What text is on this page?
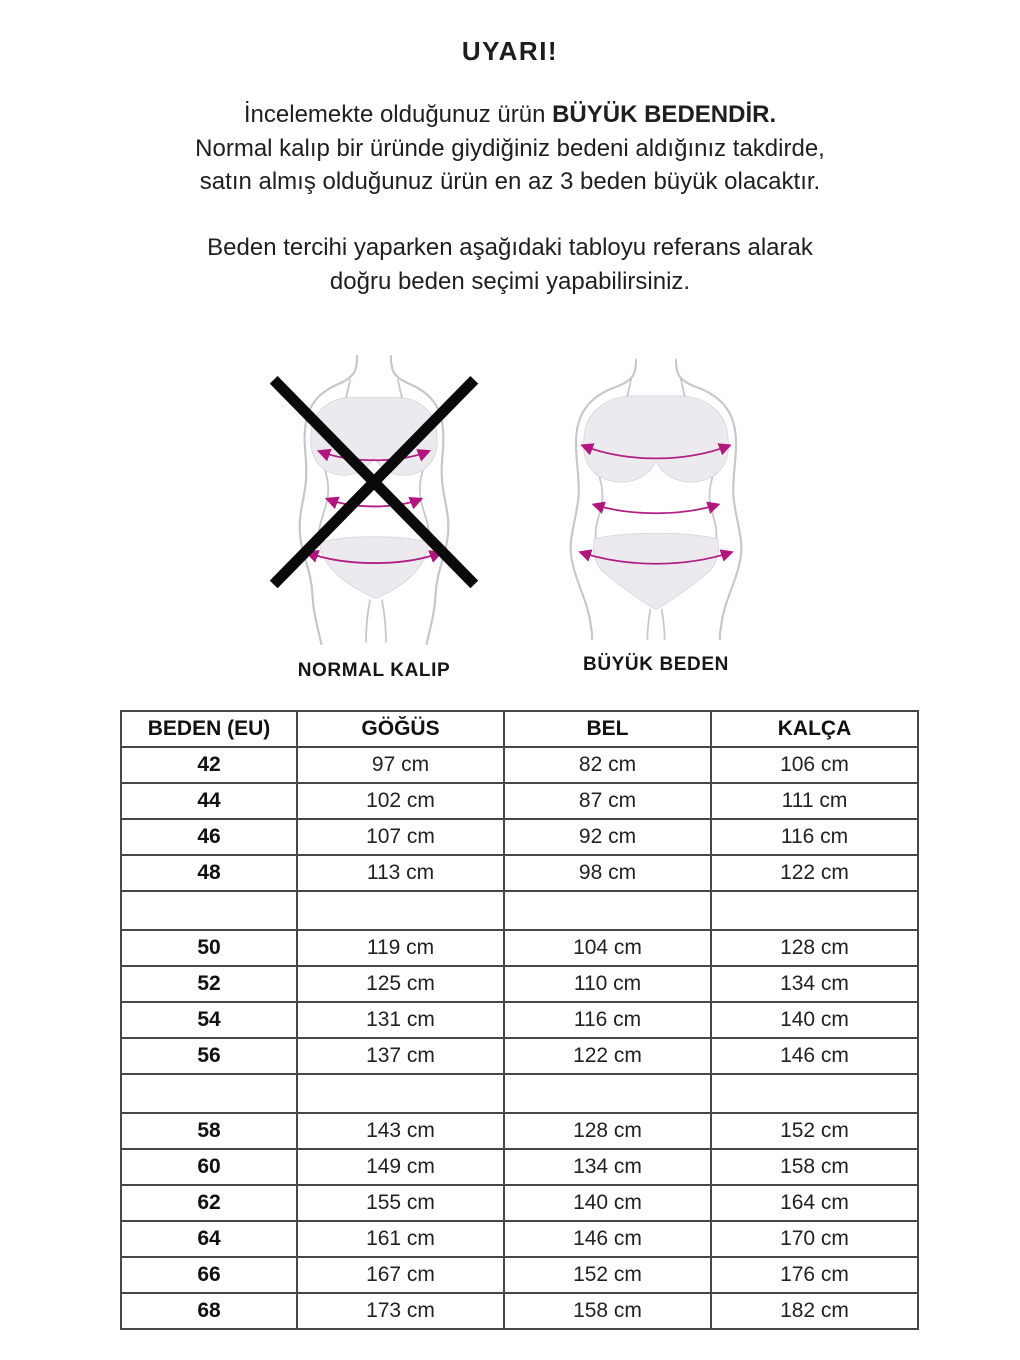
UYARI!

İncelemekte olduğunuz ürün BÜYÜK BEDENDİR.
Normal kalıp bir üründe giydiğiniz bedeni aldığınız takdirde,
satın almış olduğunuz ürün en az 3 beden büyük olacaktır.

Beden tercihi yaparken aşağıdaki tabloyu referans alarak
doğru beden seçimi yapabilirsiniz.

NORMAL KALIP	BÜYÜK BEDEN
BEDEN (EU)	GÖĞÜS	BEL	KALÇA
42	97 cm	82 cm	106 cm
44	102 cm	87 cm	111 cm
46	107 cm	92 cm	116 cm
48	113 cm	98 cm	122 cm

50	119 cm	104 cm	128 cm
52	125 cm	110 cm	134 cm
54	131 cm	116 cm	140 cm
56	137 cm	122 cm	146 cm

58	143 cm	128 cm	152 cm
60	149 cm	134 cm	158 cm
62	155 cm	140 cm	164 cm
64	161 cm	146 cm	170 cm
66	167 cm	152 cm	176 cm
68	173 cm	158 cm	182 cm
